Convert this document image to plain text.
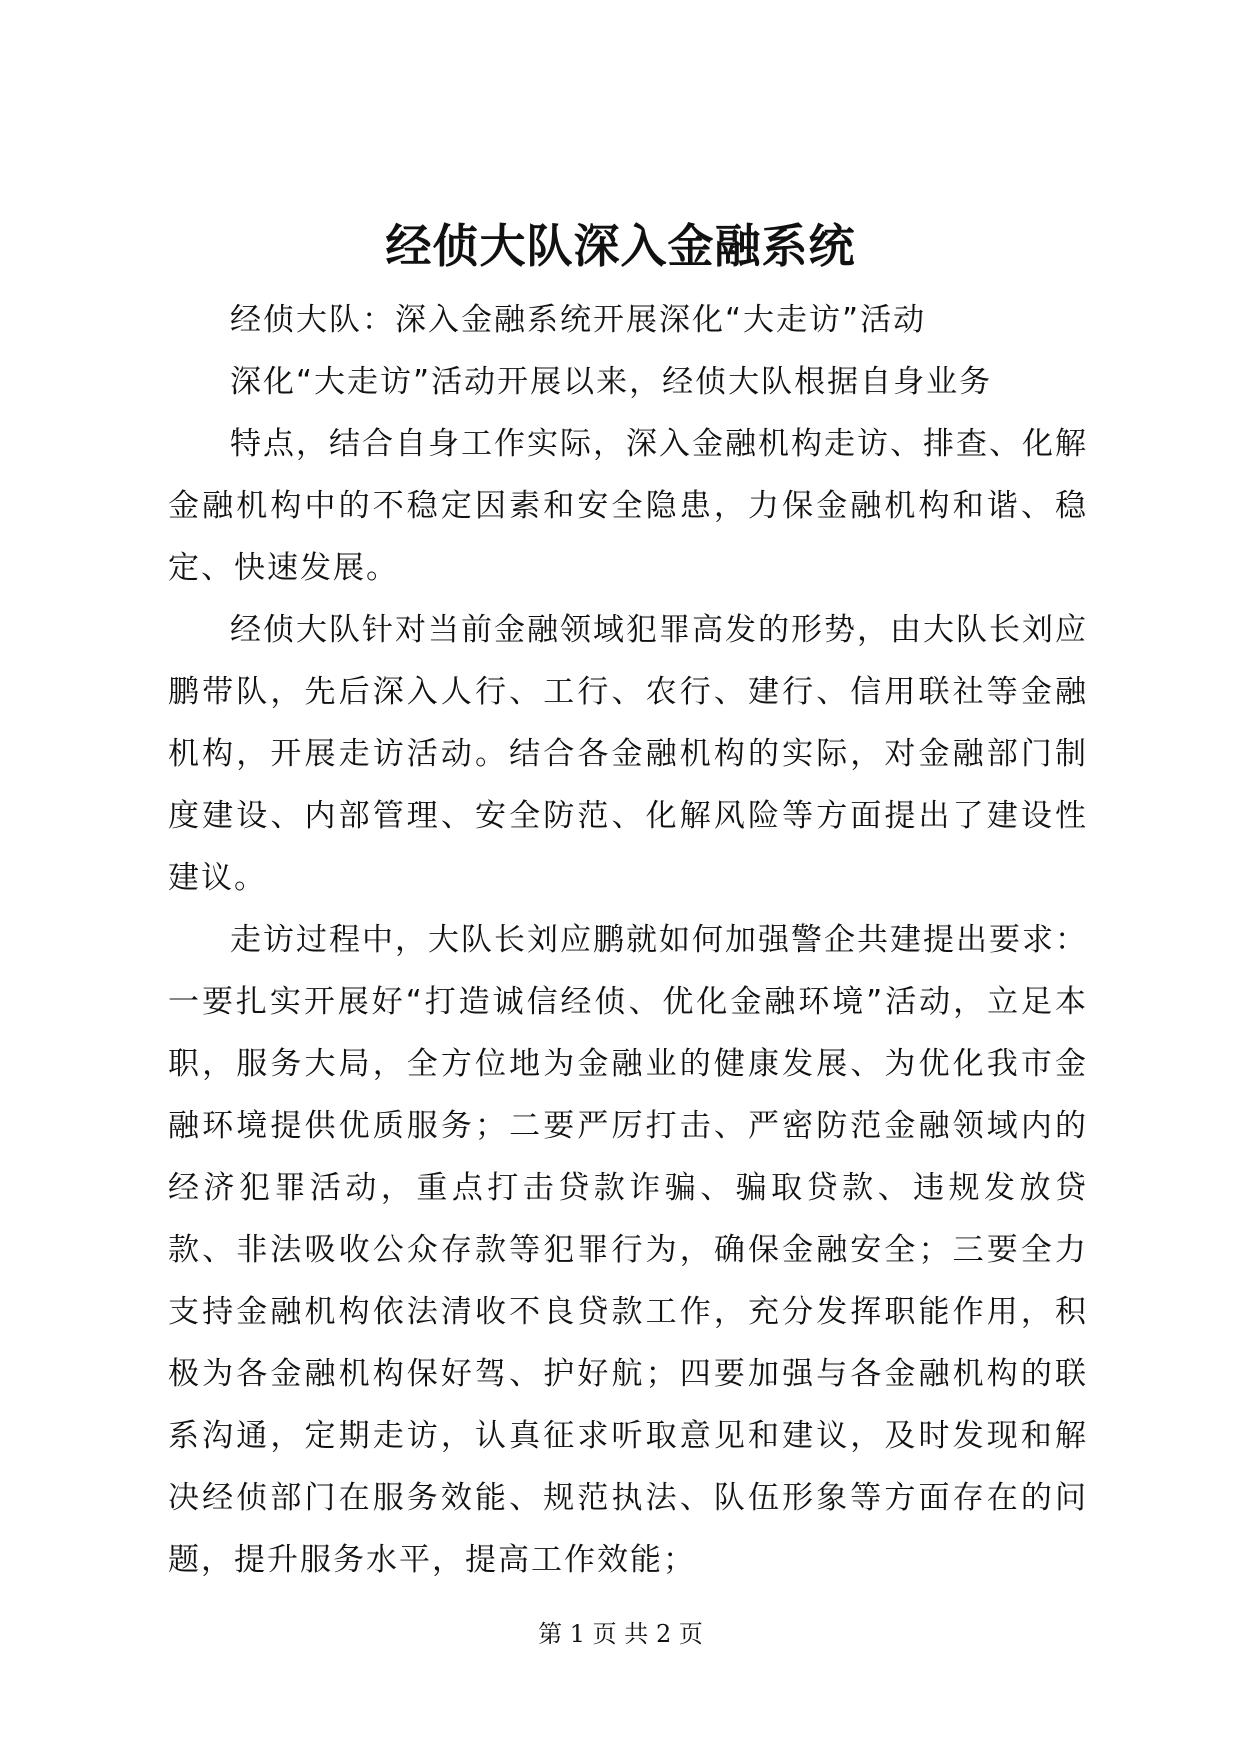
经侦大队深入金融系统

经侦大队：深入金融系统开展深化“大走访”活动

深化“大走访”活动开展以来，经侦大队根据自身业务

特点，结合自身工作实际，深入金融机构走访、排查、化解金融机构中的不稳定因素和安全隐患，力保金融机构和谐、稳定、快速发展。

经侦大队针对当前金融领域犯罪高发的形势，由大队长刘应鹏带队，先后深入人行、工行、农行、建行、信用联社等金融机构，开展走访活动。结合各金融机构的实际，对金融部门制度建设、内部管理、安全防范、化解风险等方面提出了建设性建议。

走访过程中，大队长刘应鹏就如何加强警企共建提出要求：一要扎实开展好“打造诚信经侦、优化金融环境”活动，立足本职，服务大局，全方位地为金融业的健康发展、为优化我市金融环境提供优质服务；二要严厉打击、严密防范金融领域内的经济犯罪活动，重点打击贷款诈骗、骗取贷款、违规发放贷款、非法吸收公众存款等犯罪行为，确保金融安全；三要全力支持金融机构依法清收不良贷款工作，充分发挥职能作用，积极为各金融机构保好驾、护好航；四要加强与各金融机构的联系沟通，定期走访，认真征求听取意见和建议，及时发现和解决经侦部门在服务效能、规范执法、队伍形象等方面存在的问题，提升服务水平，提高工作效能；

第 1 页 共 2 页
